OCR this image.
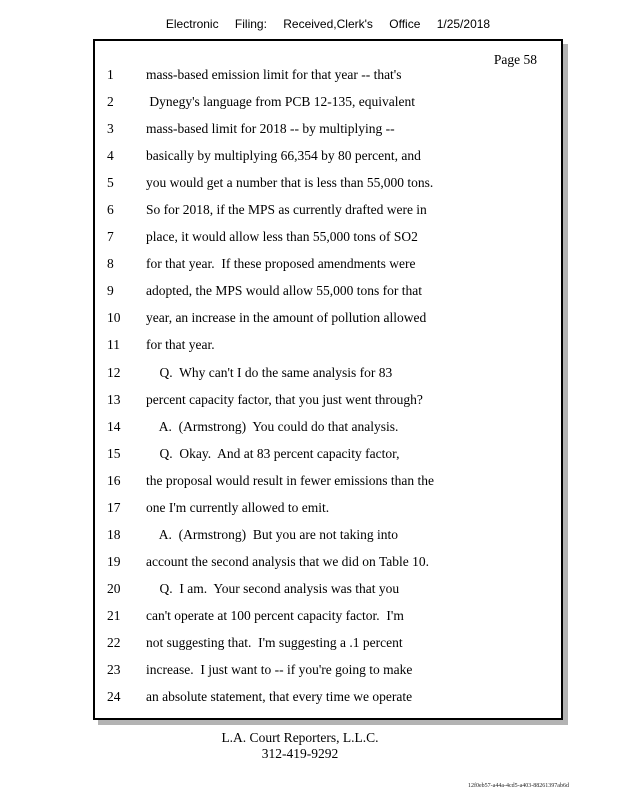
Electronic Filing: Received,Clerk's Office 1/25/2018
Page 58
1	mass-based emission limit for that year -- that's
2	Dynegy's language from PCB 12-135, equivalent
3	mass-based limit for 2018 -- by multiplying --
4	basically by multiplying 66,354 by 80 percent, and
5	you would get a number that is less than 55,000 tons.
6	So for 2018, if the MPS as currently drafted were in
7	place, it would allow less than 55,000 tons of SO2
8	for that year.  If these proposed amendments were
9	adopted, the MPS would allow 55,000 tons for that
10	year, an increase in the amount of pollution allowed
11	for that year.
12	Q.  Why can't I do the same analysis for 83
13	percent capacity factor, that you just went through?
14	A.  (Armstrong)  You could do that analysis.
15	Q.  Okay.  And at 83 percent capacity factor,
16	the proposal would result in fewer emissions than the
17	one I'm currently allowed to emit.
18	A.  (Armstrong)  But you are not taking into
19	account the second analysis that we did on Table 10.
20	Q.  I am.  Your second analysis was that you
21	can't operate at 100 percent capacity factor.  I'm
22	not suggesting that.  I'm suggesting a .1 percent
23	increase.  I just want to -- if you're going to make
24	an absolute statement, that every time we operate
L.A. Court Reporters, L.L.C.
312-419-9292
12f0eb57-a44a-4cd5-a403-88261397ab6d
